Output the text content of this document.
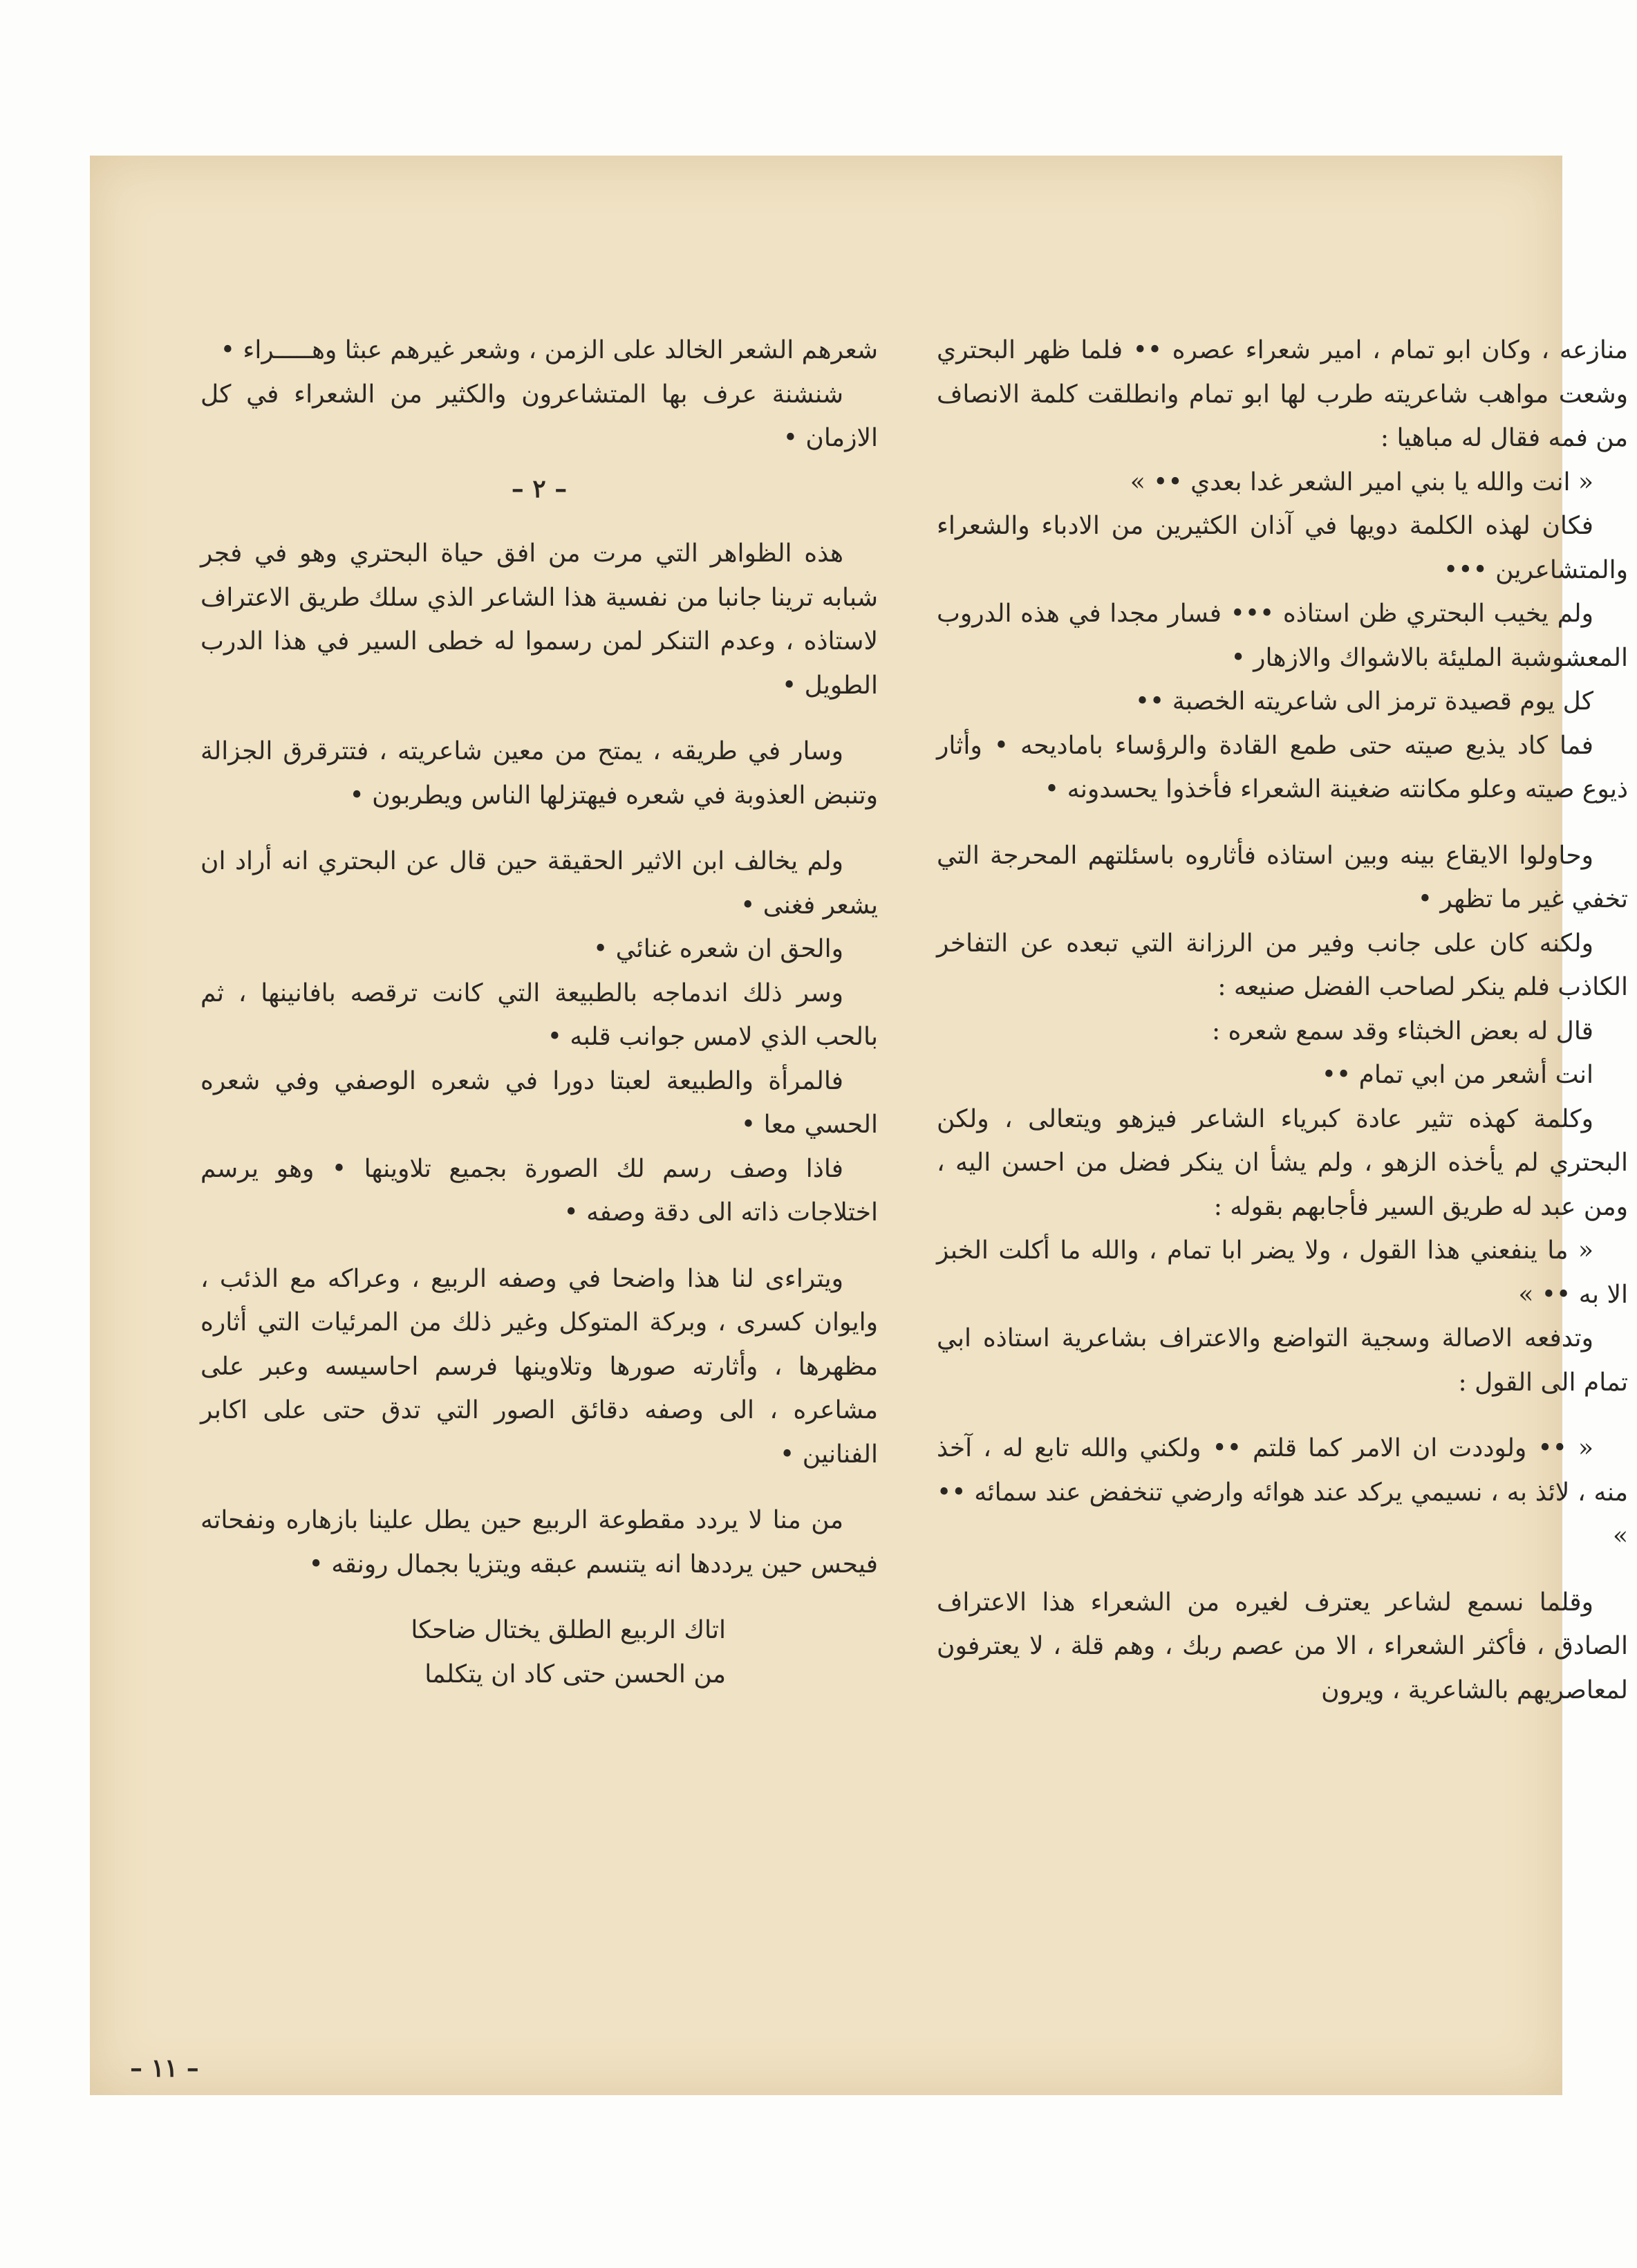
منازعه ، وكان ابو تمام ، امير شعراء عصره •• فلما ظهر البحتري وشعت مواهب شاعريته طرب لها ابو تمام وانطلقت كلمة الانصاف من فمه فقال له مباهيا :

« انت والله يا بني امير الشعر غدا بعدي •• »

فكان لهذه الكلمة دويها في آذان الكثيرين من الادباء والشعراء والمتشاعرين •••

ولم يخيب البحتري ظن استاذه ••• فسار مجدا في هذه الدروب المعشوشبة المليئة بالاشواك والازهار •

كل يوم قصيدة ترمز الى شاعريته الخصبة ••

فما كاد يذيع صيته حتى طمع القادة والرؤساء بامادیحه • وأثار ذيوع صيته وعلو مكانته ضغينة الشعراء فأخذوا يحسدونه •

وحاولوا الايقاع بينه وبين استاذه فأثاروه باسئلتهم المحرجة التي تخفي غير ما تظهر •

ولكنه كان على جانب وفير من الرزانة التي تبعده عن التفاخر الكاذب فلم ينكر لصاحب الفضل صنيعه :

قال له بعض الخبثاء وقد سمع شعره :

انت أشعر من ابي تمام ••

وكلمة كهذه تثير عادة كبرياء الشاعر فيزهو ويتعالى ، ولكن البحتري لم يأخذه الزهو ، ولم يشأ ان ينكر فضل من احسن اليه ، ومن عبد له طريق السير فأجابهم بقوله :

« ما ينفعني هذا القول ، ولا يضر ابا تمام ، والله ما أكلت الخبز الا به •• »

وتدفعه الاصالة وسجية التواضع والاعتراف بشاعرية استاذه ابي تمام الى القول :

« •• ولوددت ان الامر كما قلتم •• ولكني والله تابع له ، آخذ منه ، لائذ به ، نسيمي يركد عند هوائه وارضي تنخفض عند سمائه •• »

وقلما نسمع لشاعر يعترف لغيره من الشعراء هذا الاعتراف الصادق ، فأكثر الشعراء ، الا من عصم ربك ، وهم قلة ، لا يعترفون لمعاصريهم بالشاعرية ، ويرون

شعرهم الشعر الخالد على الزمن ، وشعر غيرهم عبثا وهـــــراء •

شنشنة عرف بها المتشاعرون والكثير من الشعراء في كل الازمان •

– ٢ –

هذه الظواهر التي مرت من افق حياة البحتري وهو في فجر شبابه ترينا جانبا من نفسية هذا الشاعر الذي سلك طريق الاعتراف لاستاذه ، وعدم التنكر لمن رسموا له خطى السير في هذا الدرب الطويل •

وسار في طريقه ، يمتح من معين شاعريته ، فتترقرق الجزالة وتنبض العذوبة في شعره فيهتزلها الناس ويطربون •

ولم يخالف ابن الاثير الحقيقة حين قال عن البحتري انه أراد ان يشعر فغنى •

والحق ان شعره غنائي •

وسر ذلك اندماجه بالطبيعة التي كانت ترقصه بافانينها ، ثم بالحب الذي لامس جوانب قلبه •

فالمرأة والطبيعة لعبتا دورا في شعره الوصفي وفي شعره الحسي معا •

فاذا وصف رسم لك الصورة بجميع تلاوينها • وهو يرسم اختلاجات ذاته الى دقة وصفه •

ويتراءى لنا هذا واضحا في وصفه الربيع ، وعراكه مع الذئب ، وايوان كسرى ، وبركة المتوكل وغير ذلك من المرئيات التي أثاره مظهرها ، وأثارته صورها وتلاوينها فرسم احاسيسه وعبر على مشاعره ، الى وصفه دقائق الصور التي تدق حتى على اكابر الفنانين •

من منا لا يردد مقطوعة الربيع حين يطل علينا بازهاره ونفحاته فيحس حين يرددها انه يتنسم عبقه ويتزيا بجمال رونقه •

اتاك الربيع الطلق يختال ضاحكا

من الحسن حتى كاد ان يتكلما

– ١١ –
